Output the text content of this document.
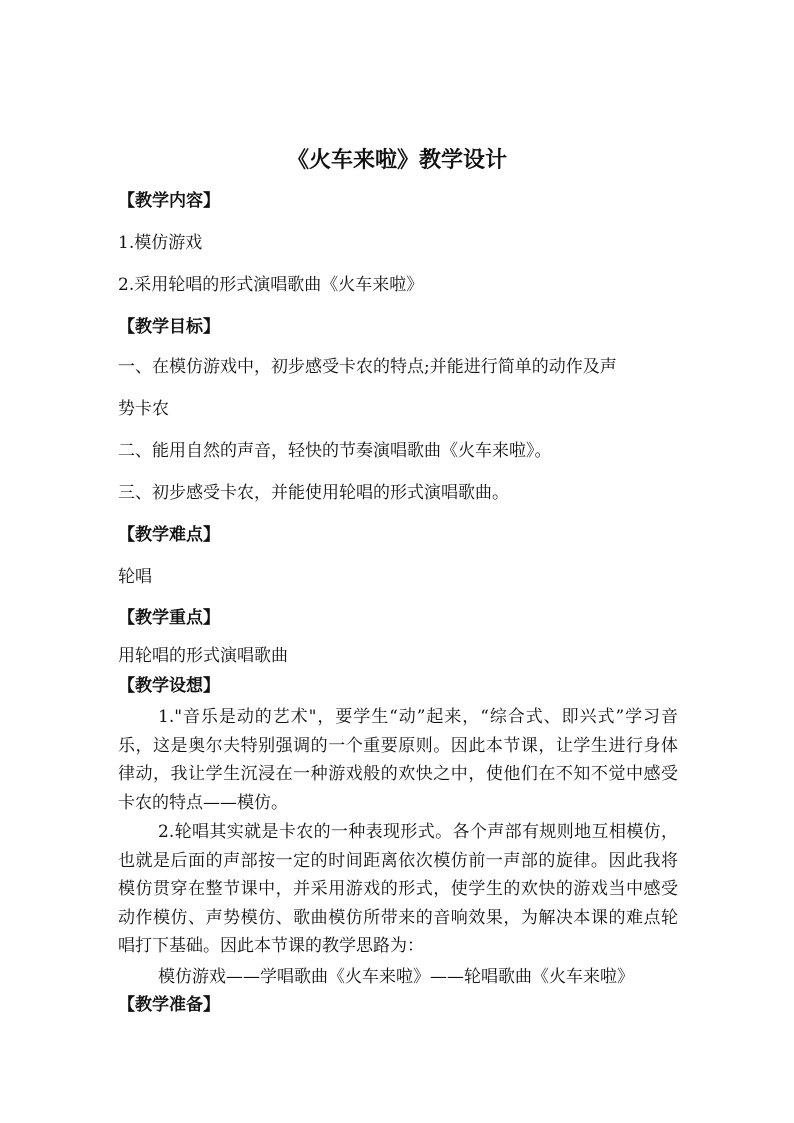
《火车来啦》教学设计
【教学内容】
1.模仿游戏
2.采用轮唱的形式演唱歌曲《火车来啦》
【教学目标】
一、在模仿游戏中，初步感受卡农的特点;并能进行简单的动作及声
势卡农
二、能用自然的声音，轻快的节奏演唱歌曲《火车来啦》。
三、初步感受卡农，并能使用轮唱的形式演唱歌曲。
【教学难点】
轮唱
【教学重点】
用轮唱的形式演唱歌曲
【教学设想】
1."音乐是动的艺术"，要学生“动”起来，“综合式、即兴式”学习音乐，这是奥尔夫特别强调的一个重要原则。因此本节课，让学生进行身体律动，我让学生沉浸在一种游戏般的欢快之中，使他们在不知不觉中感受卡农的特点——模仿。
2.轮唱其实就是卡农的一种表现形式。各个声部有规则地互相模仿，也就是后面的声部按一定的时间距离依次模仿前一声部的旋律。因此我将模仿贯穿在整节课中，并采用游戏的形式，使学生的欢快的游戏当中感受动作模仿、声势模仿、歌曲模仿所带来的音响效果，为解决本课的难点轮唱打下基础。因此本节课的教学思路为：
模仿游戏——学唱歌曲《火车来啦》——轮唱歌曲《火车来啦》
【教学准备】
